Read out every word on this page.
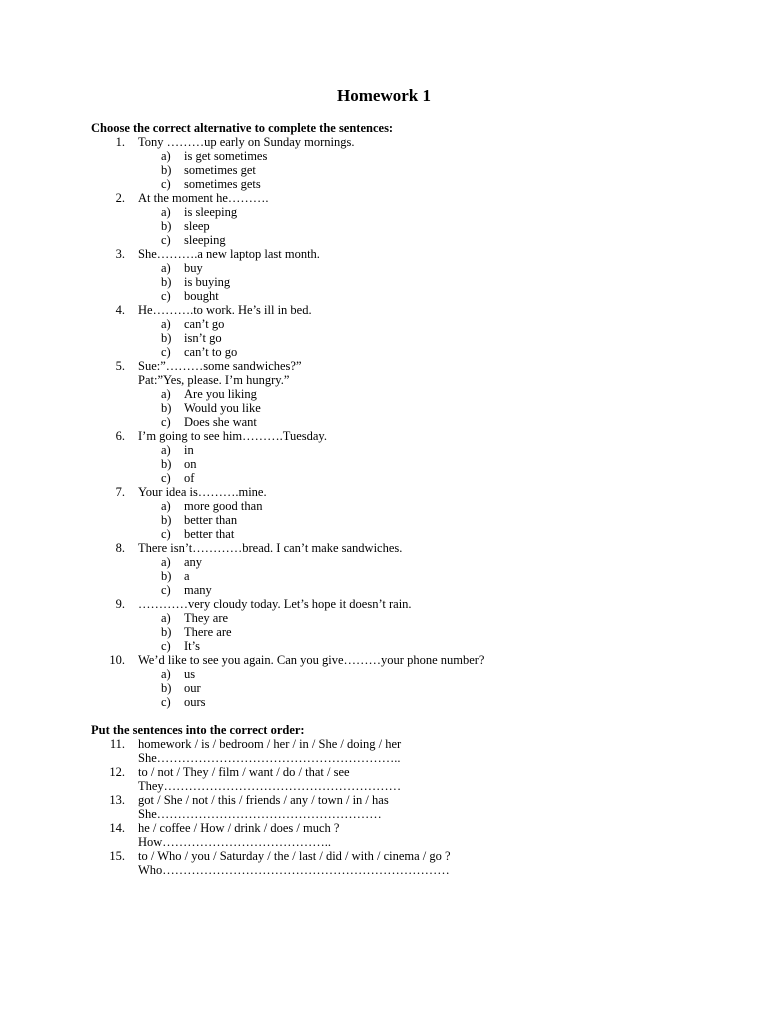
Homework 1
Choose the correct alternative to complete the sentences:
1. Tony ………up early on Sunday mornings.
a) is get sometimes
b) sometimes get
c) sometimes gets
2. At the moment he……….
a) is sleeping
b) sleep
c) sleeping
3. She……….a new laptop last month.
a) buy
b) is buying
c) bought
4. He……….to work. He’s ill in bed.
a) can’t go
b) isn’t go
c) can’t to go
5. Sue:”………some sandwiches?”
Pat:”Yes, please. I’m hungry.”
a) Are you liking
b) Would you like
c) Does she want
6. I’m going to see him……….Tuesday.
a) in
b) on
c) of
7. Your idea is……….mine.
a) more good than
b) better than
c) better that
8. There isn’t…………bread. I can’t make sandwiches.
a) any
b) a
c) many
9. …………very cloudy today. Let’s hope it doesn’t rain.
a) They are
b) There are
c) It’s
10. We’d like to see you again. Can you give………your phone number?
a) us
b) our
c) ours
Put the sentences into the correct order:
11. homework / is / bedroom / her / in / She / doing / her
She…………………………………………………..
12. to / not / They / film / want / do / that / see
They…………………………………………………
13. got / She / not / this / friends / any / town / in / has
She………………………………………………
14. he / coffee / How / drink / does / much ?
How…………………………………..
15. to / Who / you / Saturday / the / last / did / with / cinema / go ?
Who……………………………………………………………
